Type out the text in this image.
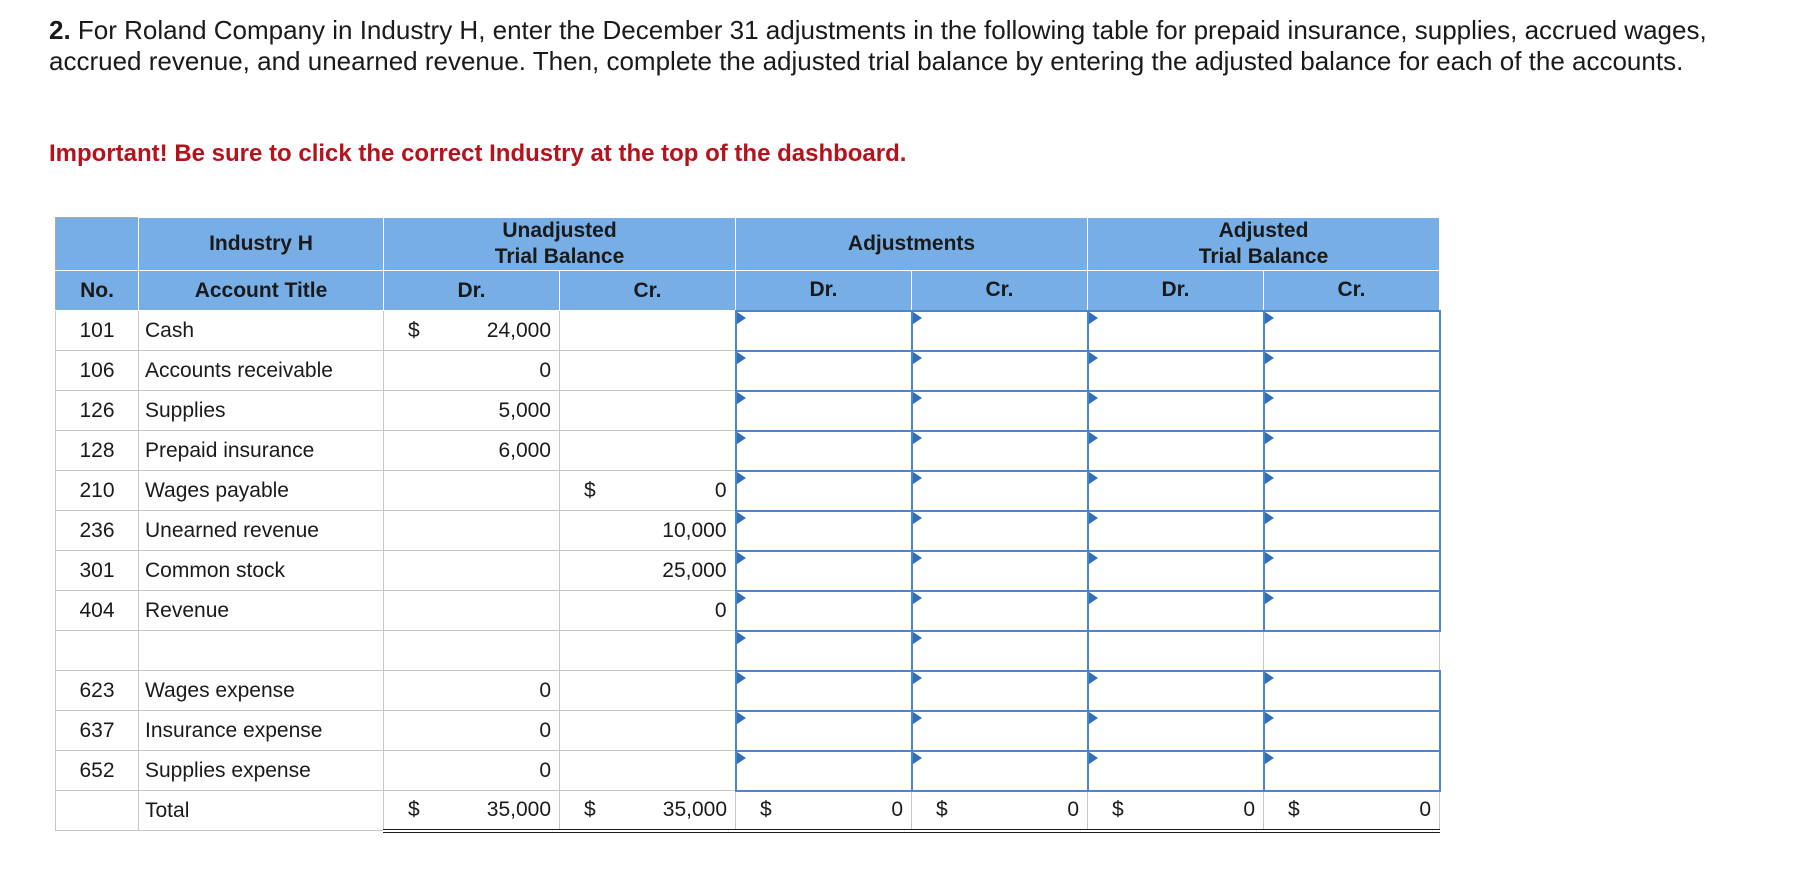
2. For Roland Company in Industry H, enter the December 31 adjustments in the following table for prepaid insurance, supplies, accrued wages, accrued revenue, and unearned revenue. Then, complete the adjusted trial balance by entering the adjusted balance for each of the accounts.
Important! Be sure to click the correct Industry at the top of the dashboard.
	Industry H	Unadjusted
Trial Balance		Adjustments		Adjusted
Trial Balance	
No.	Account Title	Dr.	Cr.	Dr.	Cr.	Dr.	Cr.
101	Cash	$ 24,000	

106	Accounts receivable	0	

126	Supplies	5,000	

128	Prepaid insurance	6,000	

210	Wages payable		$ 0				
236	Unearned revenue		10,000				
301	Common stock		25,000				
404	Revenue		0				

623	Wages expense	0	

637	Insurance expense	0	

652	Supplies expense	0	

	Total	$ 35,000	$ 35,000	$ 0	$ 0	$ 0	$ 0
